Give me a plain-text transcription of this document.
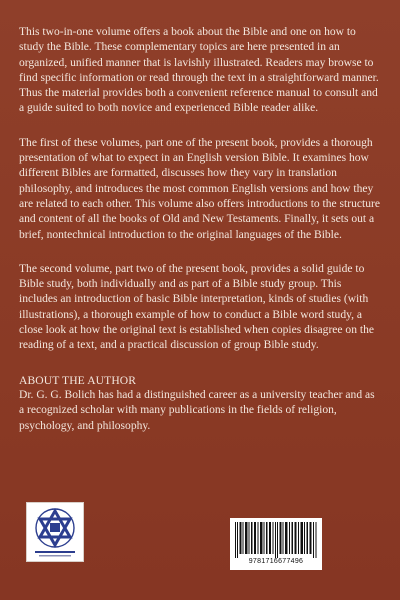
This two-in-one volume offers a book about the Bible and one on how to study the Bible. These complementary topics are here presented in an organized, unified manner that is lavishly illustrated. Readers may browse to find specific information or read through the text in a straightforward manner. Thus the material provides both a convenient reference manual to consult and a guide suited to both novice and experienced Bible reader alike.

The first of these volumes, part one of the present book, provides a thorough presentation of what to expect in an English version Bible. It examines how different Bibles are formatted, discusses how they vary in translation philosophy, and introduces the most common English versions and how they are related to each other. This volume also offers introductions to the structure and content of all the books of Old and New Testaments. Finally, it sets out a brief, nontechnical introduction to the original languages of the Bible.

The second volume, part two of the present book, provides a solid guide to Bible study, both individually and as part of a Bible study group. This includes an introduction of basic Bible interpretation, kinds of studies (with illustrations), a thorough example of how to conduct a Bible word study, a close look at how the original text is established when copies disagree on the reading of a text, and a practical discussion of group Bible study.

ABOUT THE AUTHOR

Dr. G. G. Bolich has had a distinguished career as a university teacher and as a recognized scholar with many publications in the fields of religion, psychology, and philosophy.

9781716677496
